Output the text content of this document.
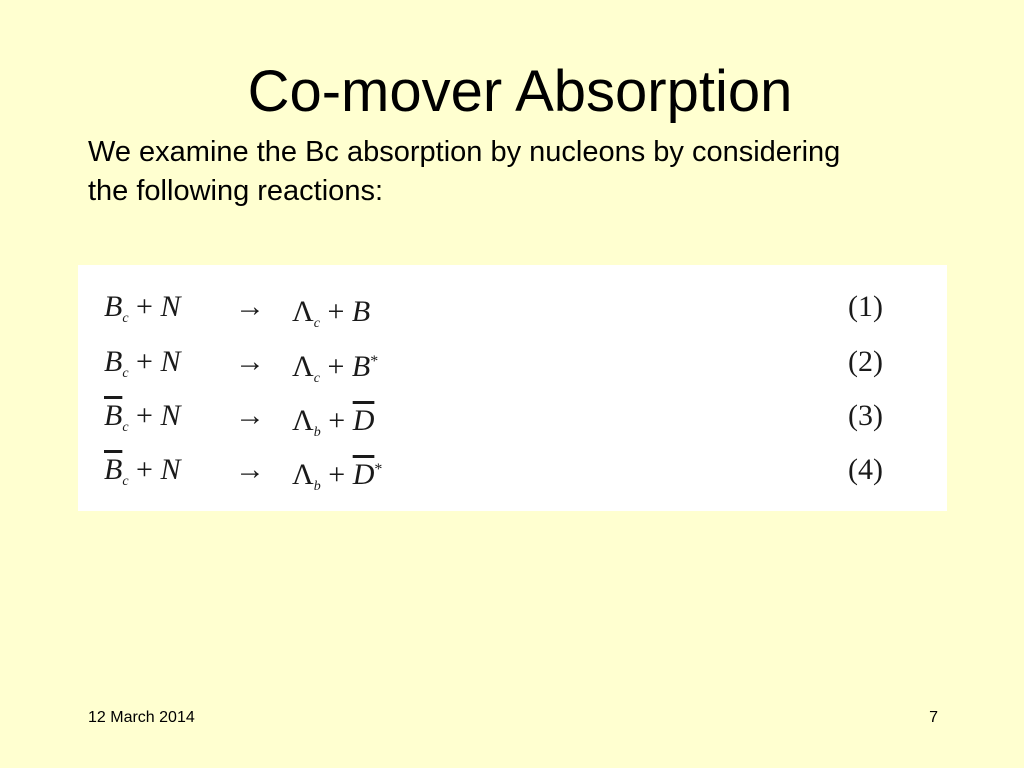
Co-mover Absorption

We examine the Bc absorption by nucleons by considering the following reactions:

$B_c + N \to \Lambda_c + B$	(1)
$B_c + N \to \Lambda_c + B^*$	(2)
$\overline{B}_c + N \to \Lambda_b + \overline{D}$	(3)
$\overline{B}_c + N \to \Lambda_b + \overline{D}^*$	(4)
12 March 2014	7
